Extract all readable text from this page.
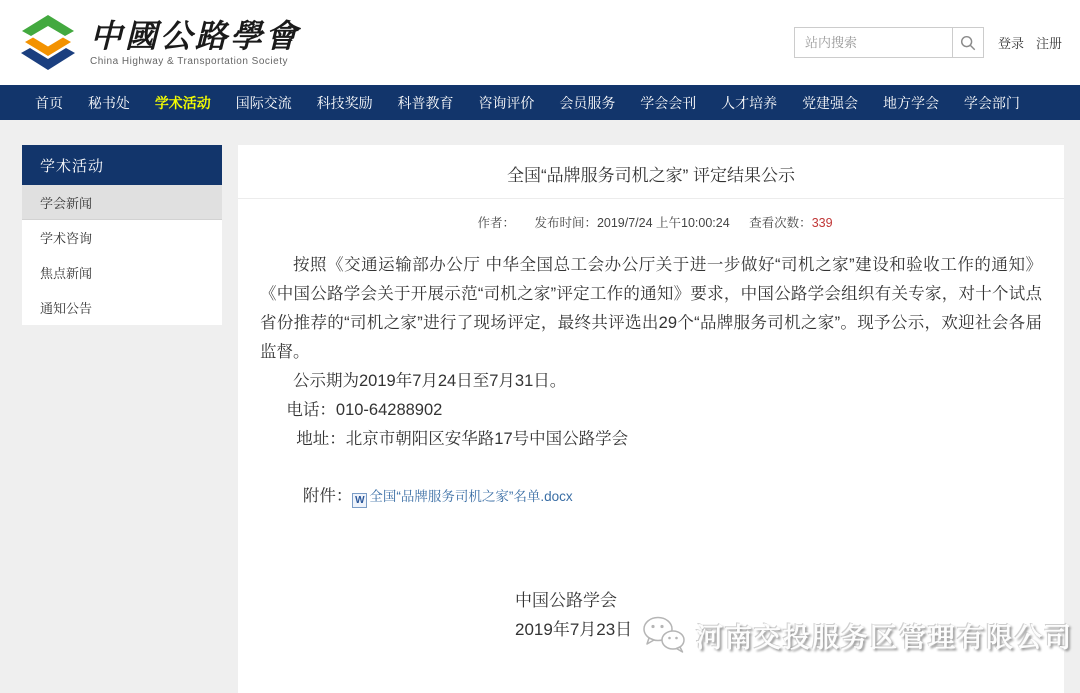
中國公路學會
China Highway & Transportation Society
站内搜索
登录 注册
首页 秘书处 学术活动 国际交流 科技奖励 科普教育 咨询评价 会员服务 学会会刊 人才培养 党建强会 地方学会 学会部门
学术活动
学会新闻
学术咨询
焦点新闻
通知公告
全国“品牌服务司机之家” 评定结果公示
作者： 发布时间：2019/7/24 上午10:00:24 查看次数：339

按照《交通运输部办公厅 中华全国总工会办公厅关于进一步做好“司机之家”建设和验收工作的通知》《中国公路学会关于开展示范“司机之家”评定工作的通知》要求，中国公路学会组织有关专家，对十个试点省份推荐的“司机之家”进行了现场评定，最终共评选出29个“品牌服务司机之家”。现予公示，欢迎社会各届监督。

公示期为2019年7月24日至7月31日。

电话：010-64288902

地址：北京市朝阳区安华路17号中国公路学会

附件： W 全国“品牌服务司机之家”名单.docx
中国公路学会
2019年7月23日	河南交投服务区管理有限公司
